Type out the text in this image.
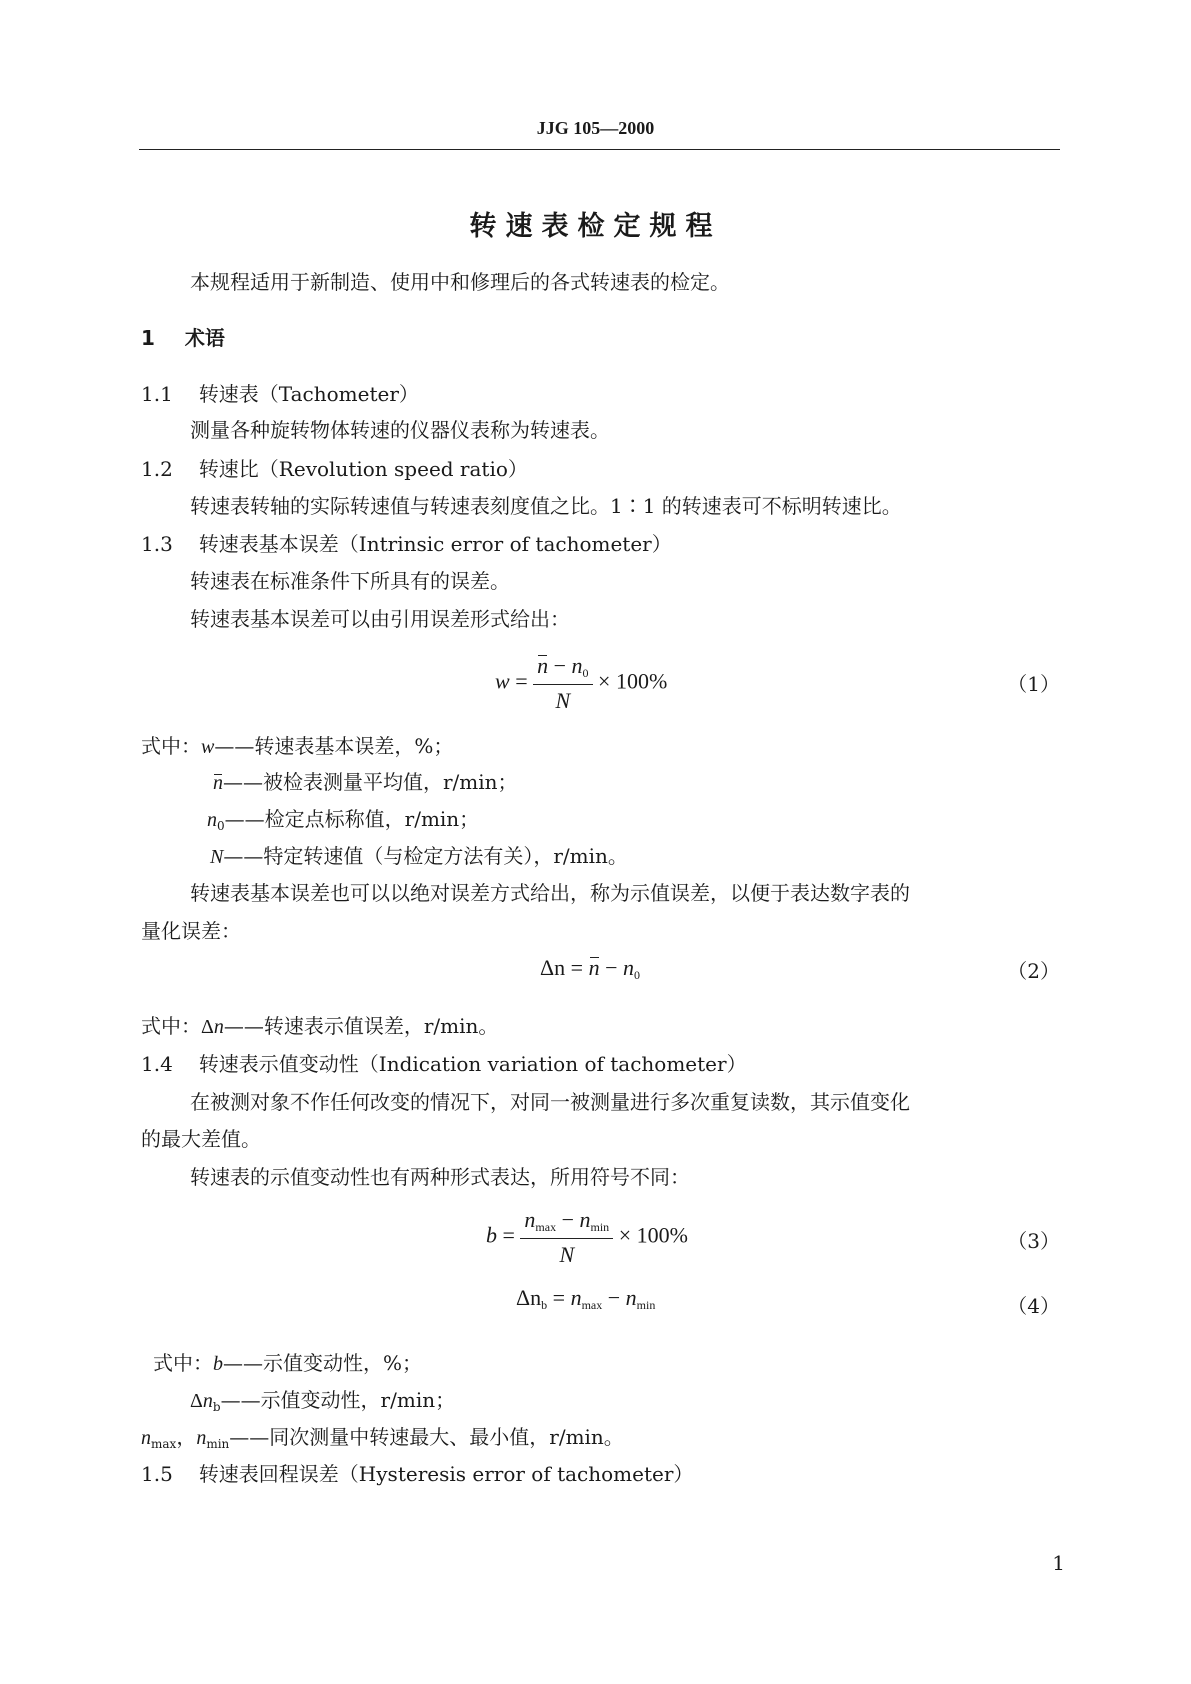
JJG 105—2000
转速表检定规程
本规程适用于新制造、使用中和修理后的各式转速表的检定。
1 术语
1.1 转速表（Tachometer）
测量各种旋转物体转速的仪器仪表称为转速表。
1.2 转速比（Revolution speed ratio）
转速表转轴的实际转速值与转速表刻度值之比。1∶1 的转速表可不标明转速比。
1.3 转速表基本误差（Intrinsic error of tachometer）
转速表在标准条件下所具有的误差。
转速表基本误差可以由引用误差形式给出：
$w = \frac{n - n_0}{N} \times 100\%$	（1）
式中：w——转速表基本误差，%；
n——被检表测量平均值，r/min；
$n_0——$检定点标称值，r/min；
N——特定转速值（与检定方法有关），r/min。
转速表基本误差也可以以绝对误差方式给出，称为示值误差，以便于表达数字表的
量化误差：
$\Delta n = n - n_0$	（2）
式中：Δn——转速表示值误差，r/min。
1.4 转速表示值变动性（Indication variation of tachometer）
在被测对象不作任何改变的情况下，对同一被测量进行多次重复读数，其示值变化
的最大差值。
转速表的示值变动性也有两种形式表达，所用符号不同：
$b = \frac{n_{max} - n_{min}}{N} \times 100\%$	（3）
$\Delta n_b = n_{max} - n_{min}$	（4）
式中：b——示值变动性，%；
$\Delta n_b——$示值变动性，r/min；
$n_{max}$，$n_{min}——$同次测量中转速最大、最小值，r/min。
1.5 转速表回程误差（Hysteresis error of tachometer）
1
